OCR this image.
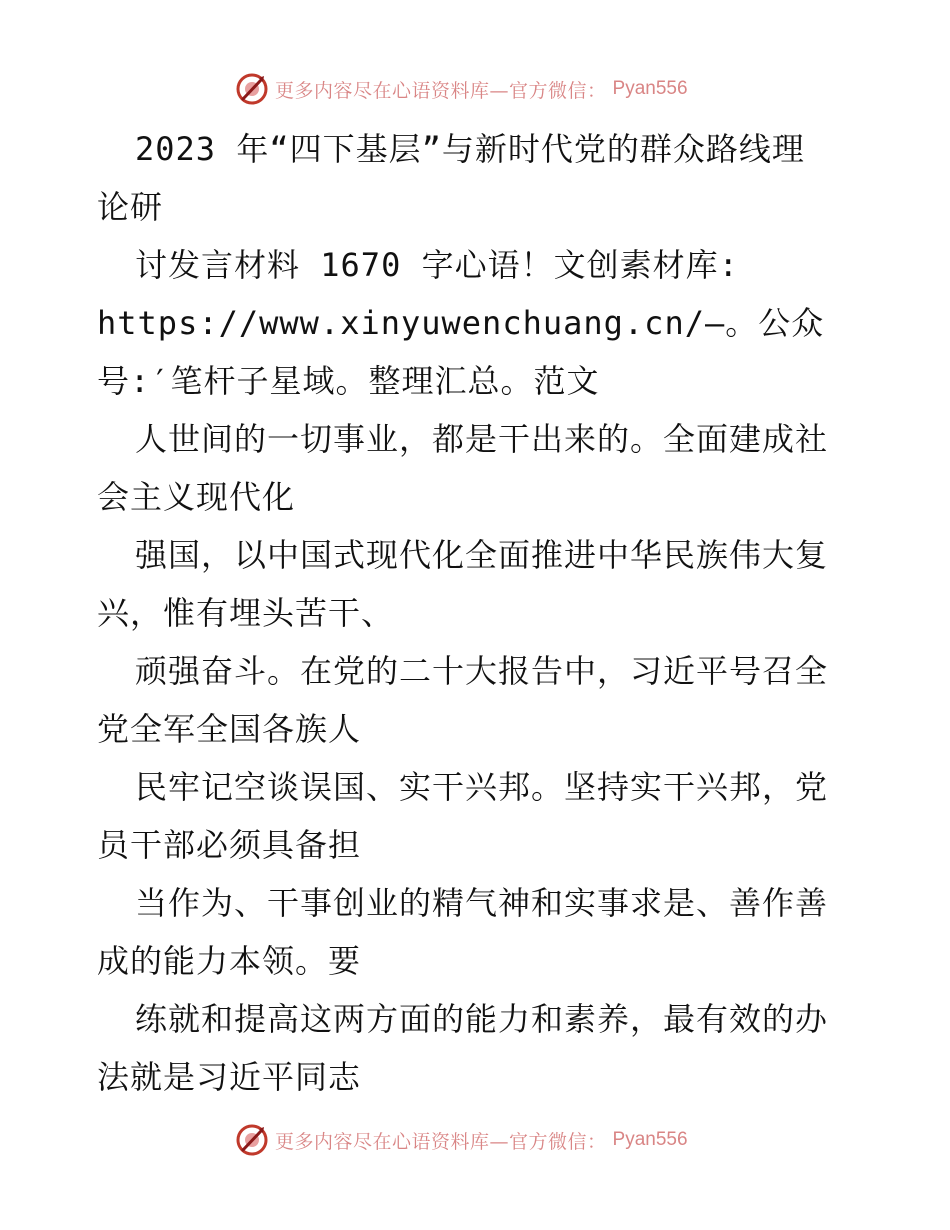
更多内容尽在心语资料库—官方微信： Pyan556
2023 年“四下基层”与新时代党的群众路线理
论研
讨发言材料 1670 字心语！文创素材库:
https://www.xinyuwenchuang.cn/—。公众
号:′笔杆子星域。整理汇总。范文
人世间的一切事业，都是干出来的。全面建成社
会主义现代化
强国，以中国式现代化全面推进中华民族伟大复
兴，惟有埋头苦干、
顽强奋斗。在党的二十大报告中，习近平号召全
党全军全国各族人
民牢记空谈误国、实干兴邦。坚持实干兴邦，党
员干部必须具备担
当作为、干事创业的精气神和实事求是、善作善
成的能力本领。要
练就和提高这两方面的能力和素养，最有效的办
法就是习近平同志
更多内容尽在心语资料库—官方微信： Pyan556
